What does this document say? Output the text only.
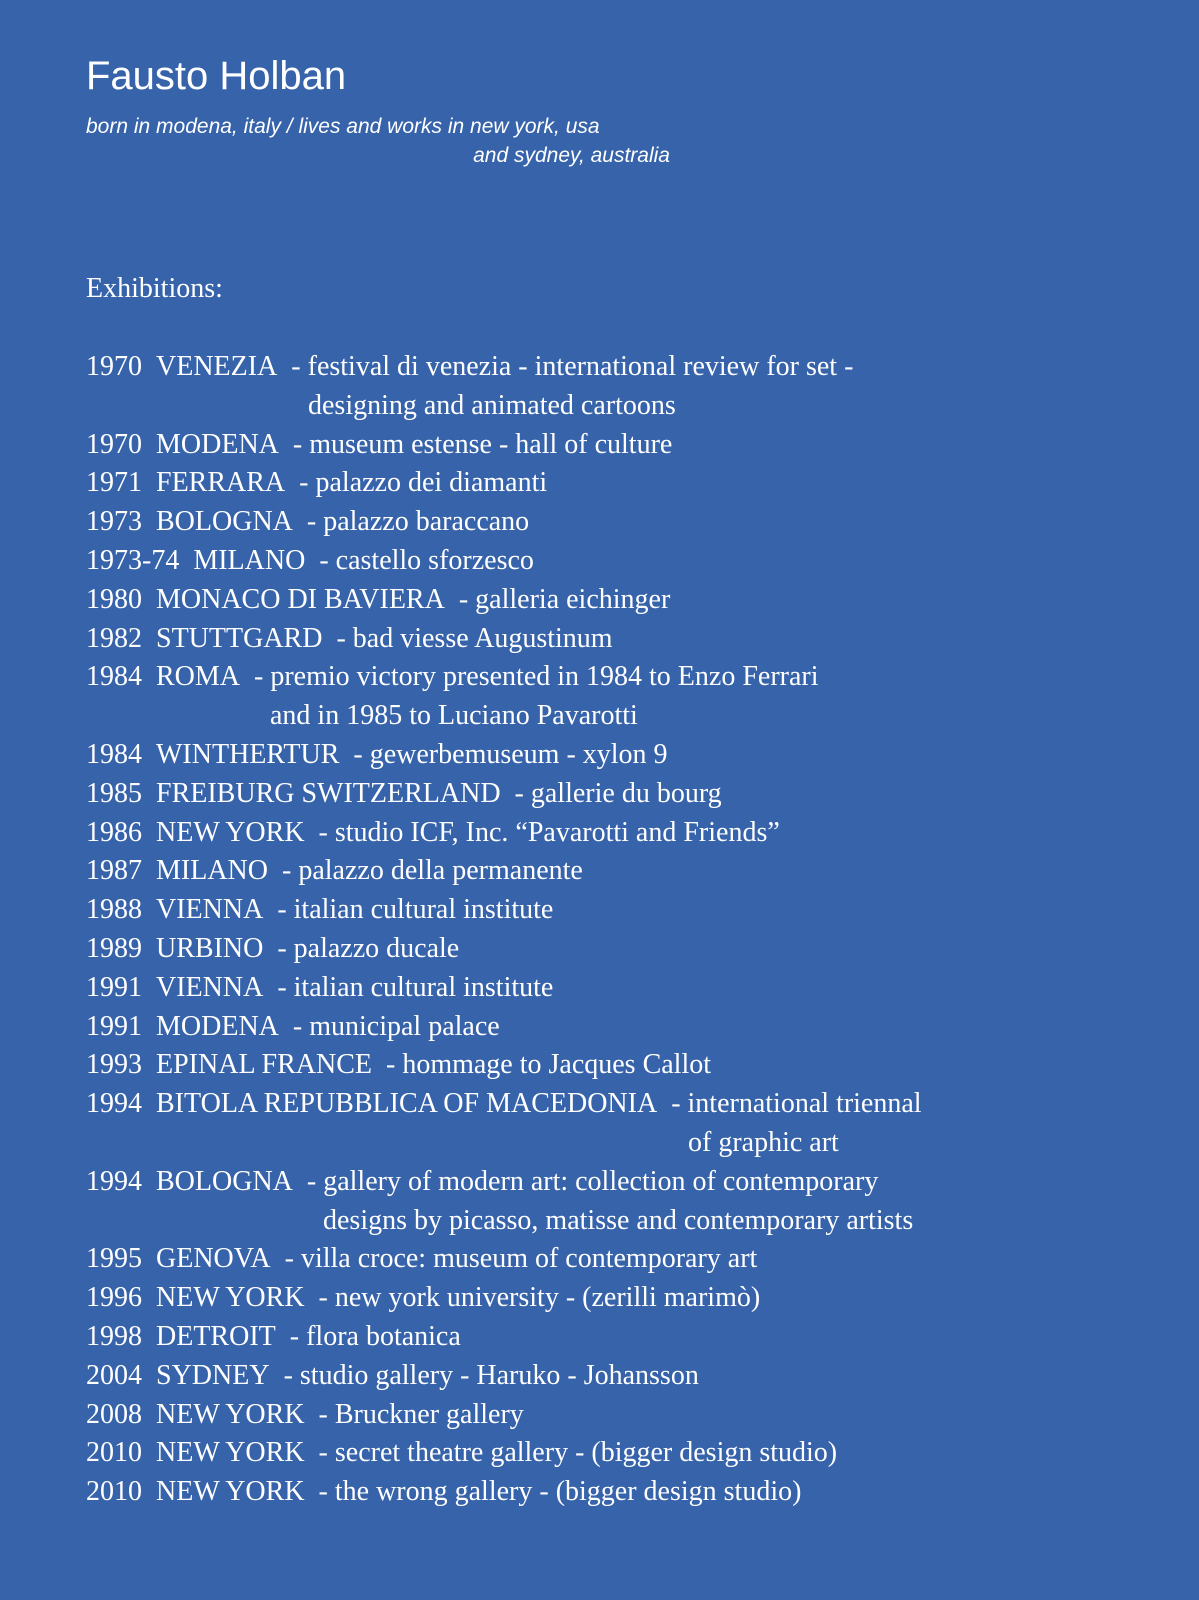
Fausto Holban

born in modena, italy / lives and works in new york, usa
and sydney, australia

Exhibitions:
1970 VENEZIA  - festival di venezia - international review for set -
designing and animated cartoons
1970 MODENA  - museum estense - hall of culture
1971 FERRARA  - palazzo dei diamanti
1973 BOLOGNA  - palazzo baraccano
1973-74 MILANO  - castello sforzesco
1980 MONACO DI BAVIERA  - galleria eichinger
1982 STUTTGARD  - bad viesse Augustinum
1984 ROMA  - premio victory presented in 1984 to Enzo Ferrari
and in 1985 to Luciano Pavarotti
1984 WINTHERTUR  - gewerbemuseum - xylon 9
1985 FREIBURG SWITZERLAND  - gallerie du bourg
1986 NEW YORK  - studio ICF, Inc. “Pavarotti and Friends”
1987 MILANO  - palazzo della permanente
1988 VIENNA  - italian cultural institute
1989 URBINO  - palazzo ducale
1991 VIENNA  - italian cultural institute
1991 MODENA  - municipal palace
1993 EPINAL FRANCE  - hommage to Jacques Callot
1994 BITOLA REPUBBLICA OF MACEDONIA  - international triennal
of graphic art
1994 BOLOGNA  - gallery of modern art: collection of contemporary
designs by picasso, matisse and contemporary artists
1995 GENOVA  - villa croce: museum of contemporary art
1996 NEW YORK  - new york university - (zerilli marimò)
1998 DETROIT  - flora botanica
2004 SYDNEY  - studio gallery - Haruko - Johansson
2008 NEW YORK  - Bruckner gallery
2010 NEW YORK  - secret theatre gallery - (bigger design studio)
2010 NEW YORK  - the wrong gallery - (bigger design studio)
